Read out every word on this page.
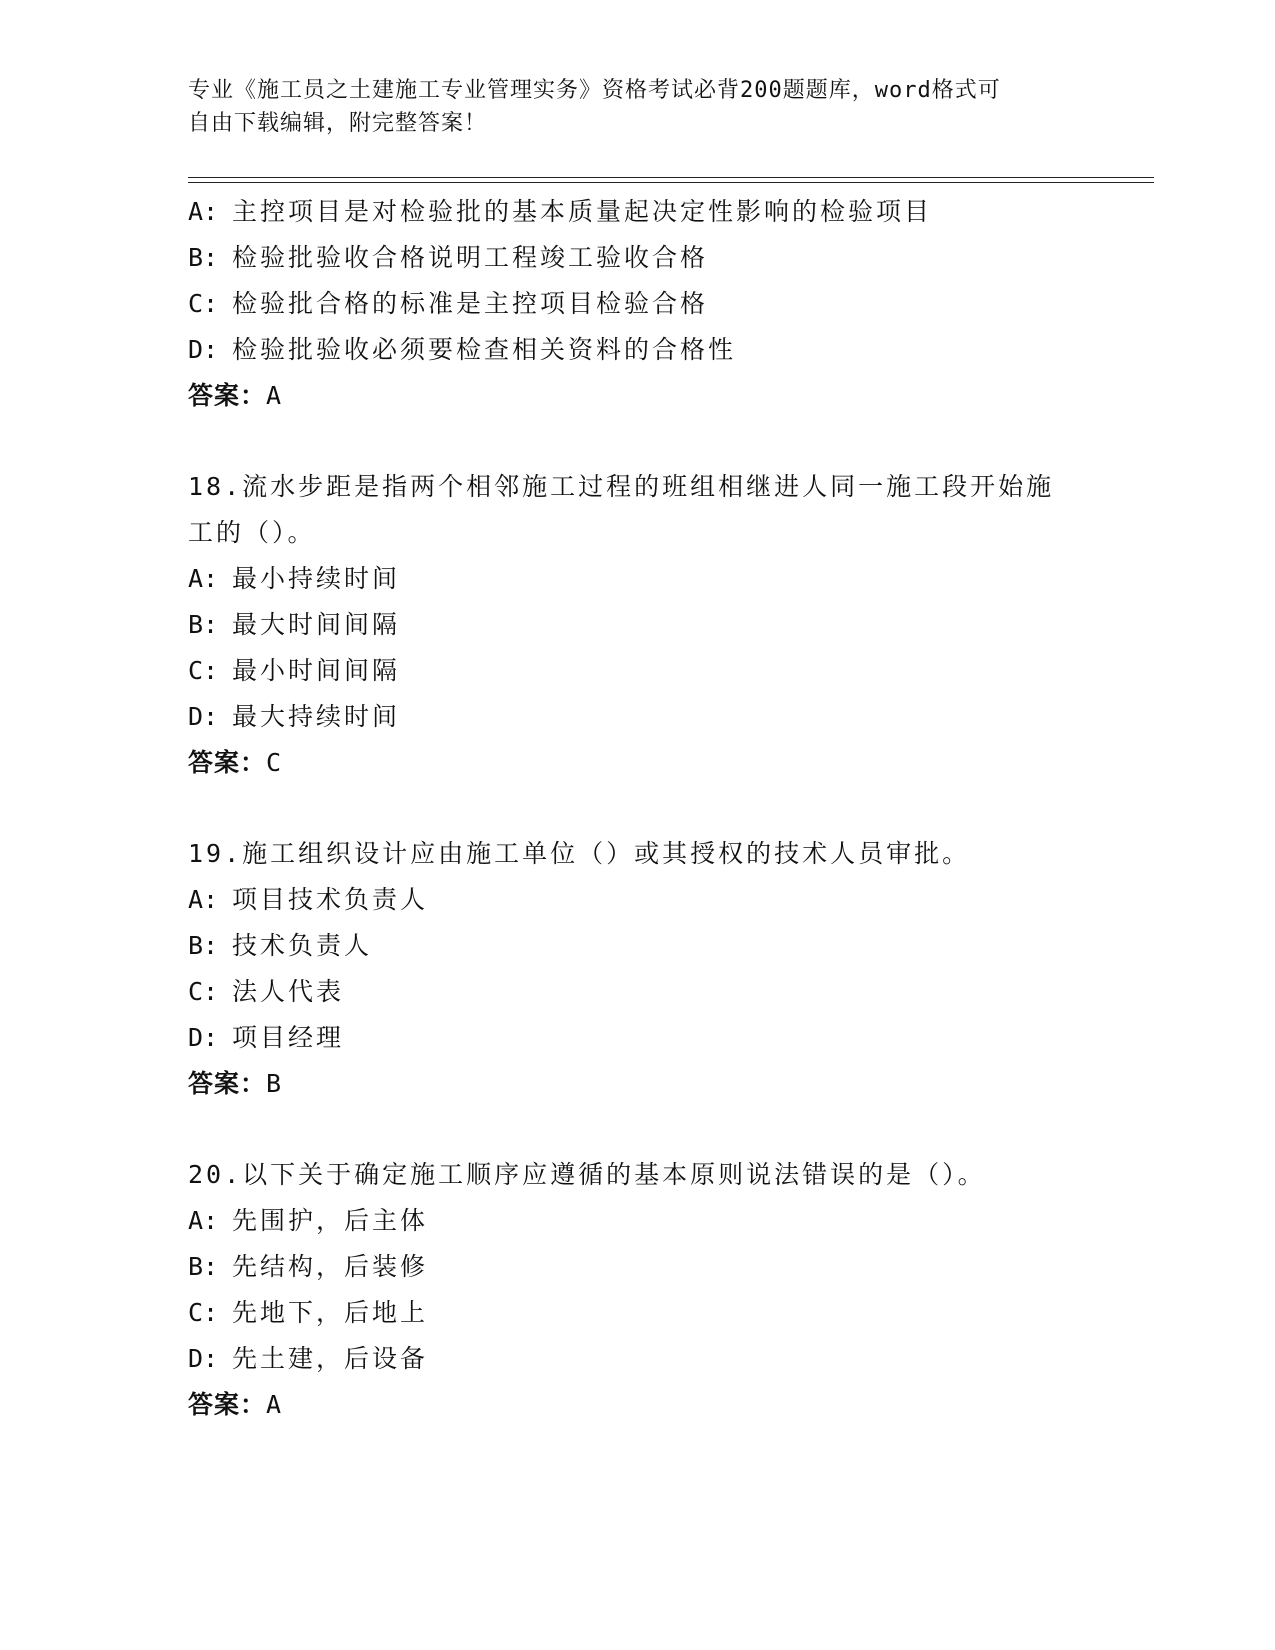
专业《施工员之土建施工专业管理实务》资格考试必背200题题库，word格式可
自由下载编辑，附完整答案！
A: 主控项目是对检验批的基本质量起决定性影响的检验项目
B: 检验批验收合格说明工程竣工验收合格
C: 检验批合格的标准是主控项目检验合格
D: 检验批验收必须要检查相关资料的合格性
答案：A
18.流水步距是指两个相邻施工过程的班组相继进人同一施工段开始施
工的（）。
A: 最小持续时间
B: 最大时间间隔
C: 最小时间间隔
D: 最大持续时间
答案：C
19.施工组织设计应由施工单位（）或其授权的技术人员审批。
A: 项目技术负责人
B: 技术负责人
C: 法人代表
D: 项目经理
答案：B
20.以下关于确定施工顺序应遵循的基本原则说法错误的是（）。
A: 先围护，后主体
B: 先结构，后装修
C: 先地下，后地上
D: 先土建，后设备
答案：A
